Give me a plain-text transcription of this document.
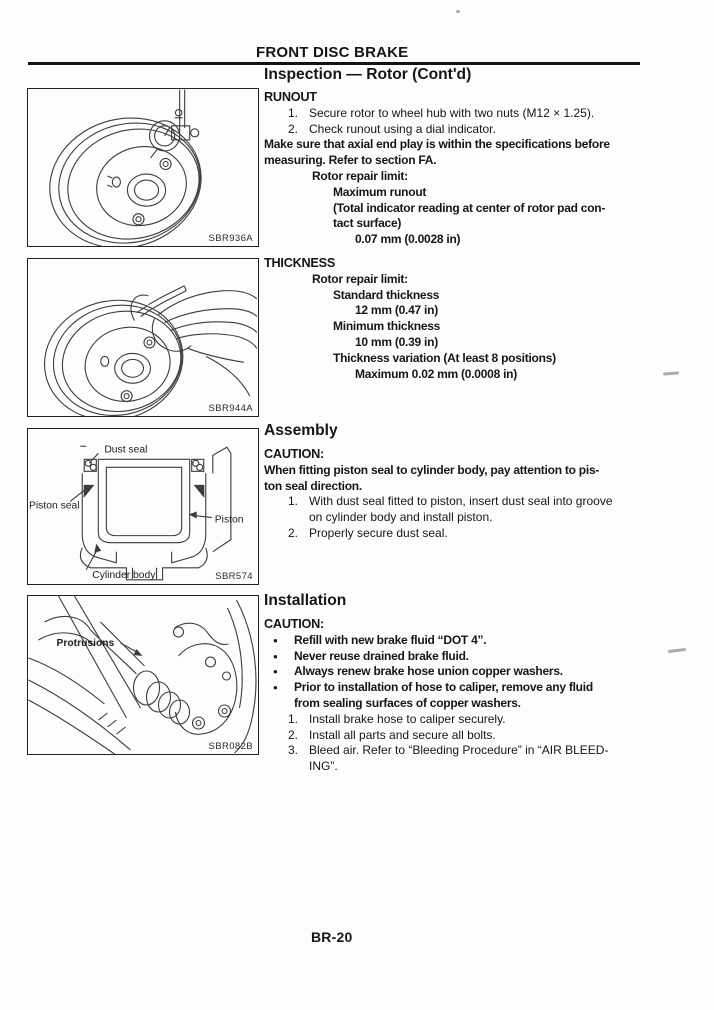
FRONT DISC BRAKE
Inspection — Rotor (Cont'd)
SBR936A
SBR944A
Dust seal
Piston seal
Piston
Cylinder body	SBR574
Protrusions
SBR082B
RUNOUT
1. Secure rotor to wheel hub with two nuts (M12 × 1.25).
2. Check runout using a dial indicator.
Make sure that axial end play is within the specifications before
measuring. Refer to section FA.
Rotor repair limit:
Maximum runout
(Total indicator reading at center of rotor pad con-
tact surface)
0.07 mm (0.0028 in)
THICKNESS
Rotor repair limit:
Standard thickness
12 mm (0.47 in)
Minimum thickness
10 mm (0.39 in)
Thickness variation (At least 8 positions)
Maximum 0.02 mm (0.0008 in)
Assembly
CAUTION:
When fitting piston seal to cylinder body, pay attention to pis-
ton seal direction.
1. With dust seal fitted to piston, insert dust seal into groove
on cylinder body and install piston.
2. Properly secure dust seal.
Installation
CAUTION:
●	Refill with new brake fluid “DOT 4”.
●	Never reuse drained brake fluid.
●	Always renew brake hose union copper washers.
●	Prior to installation of hose to caliper, remove any fluid
from sealing surfaces of copper washers.
1. Install brake hose to caliper securely.
2. Install all parts and secure all bolts.
3. Bleed air. Refer to “Bleeding Procedure” in “AIR BLEED-
ING”.
BR-20
